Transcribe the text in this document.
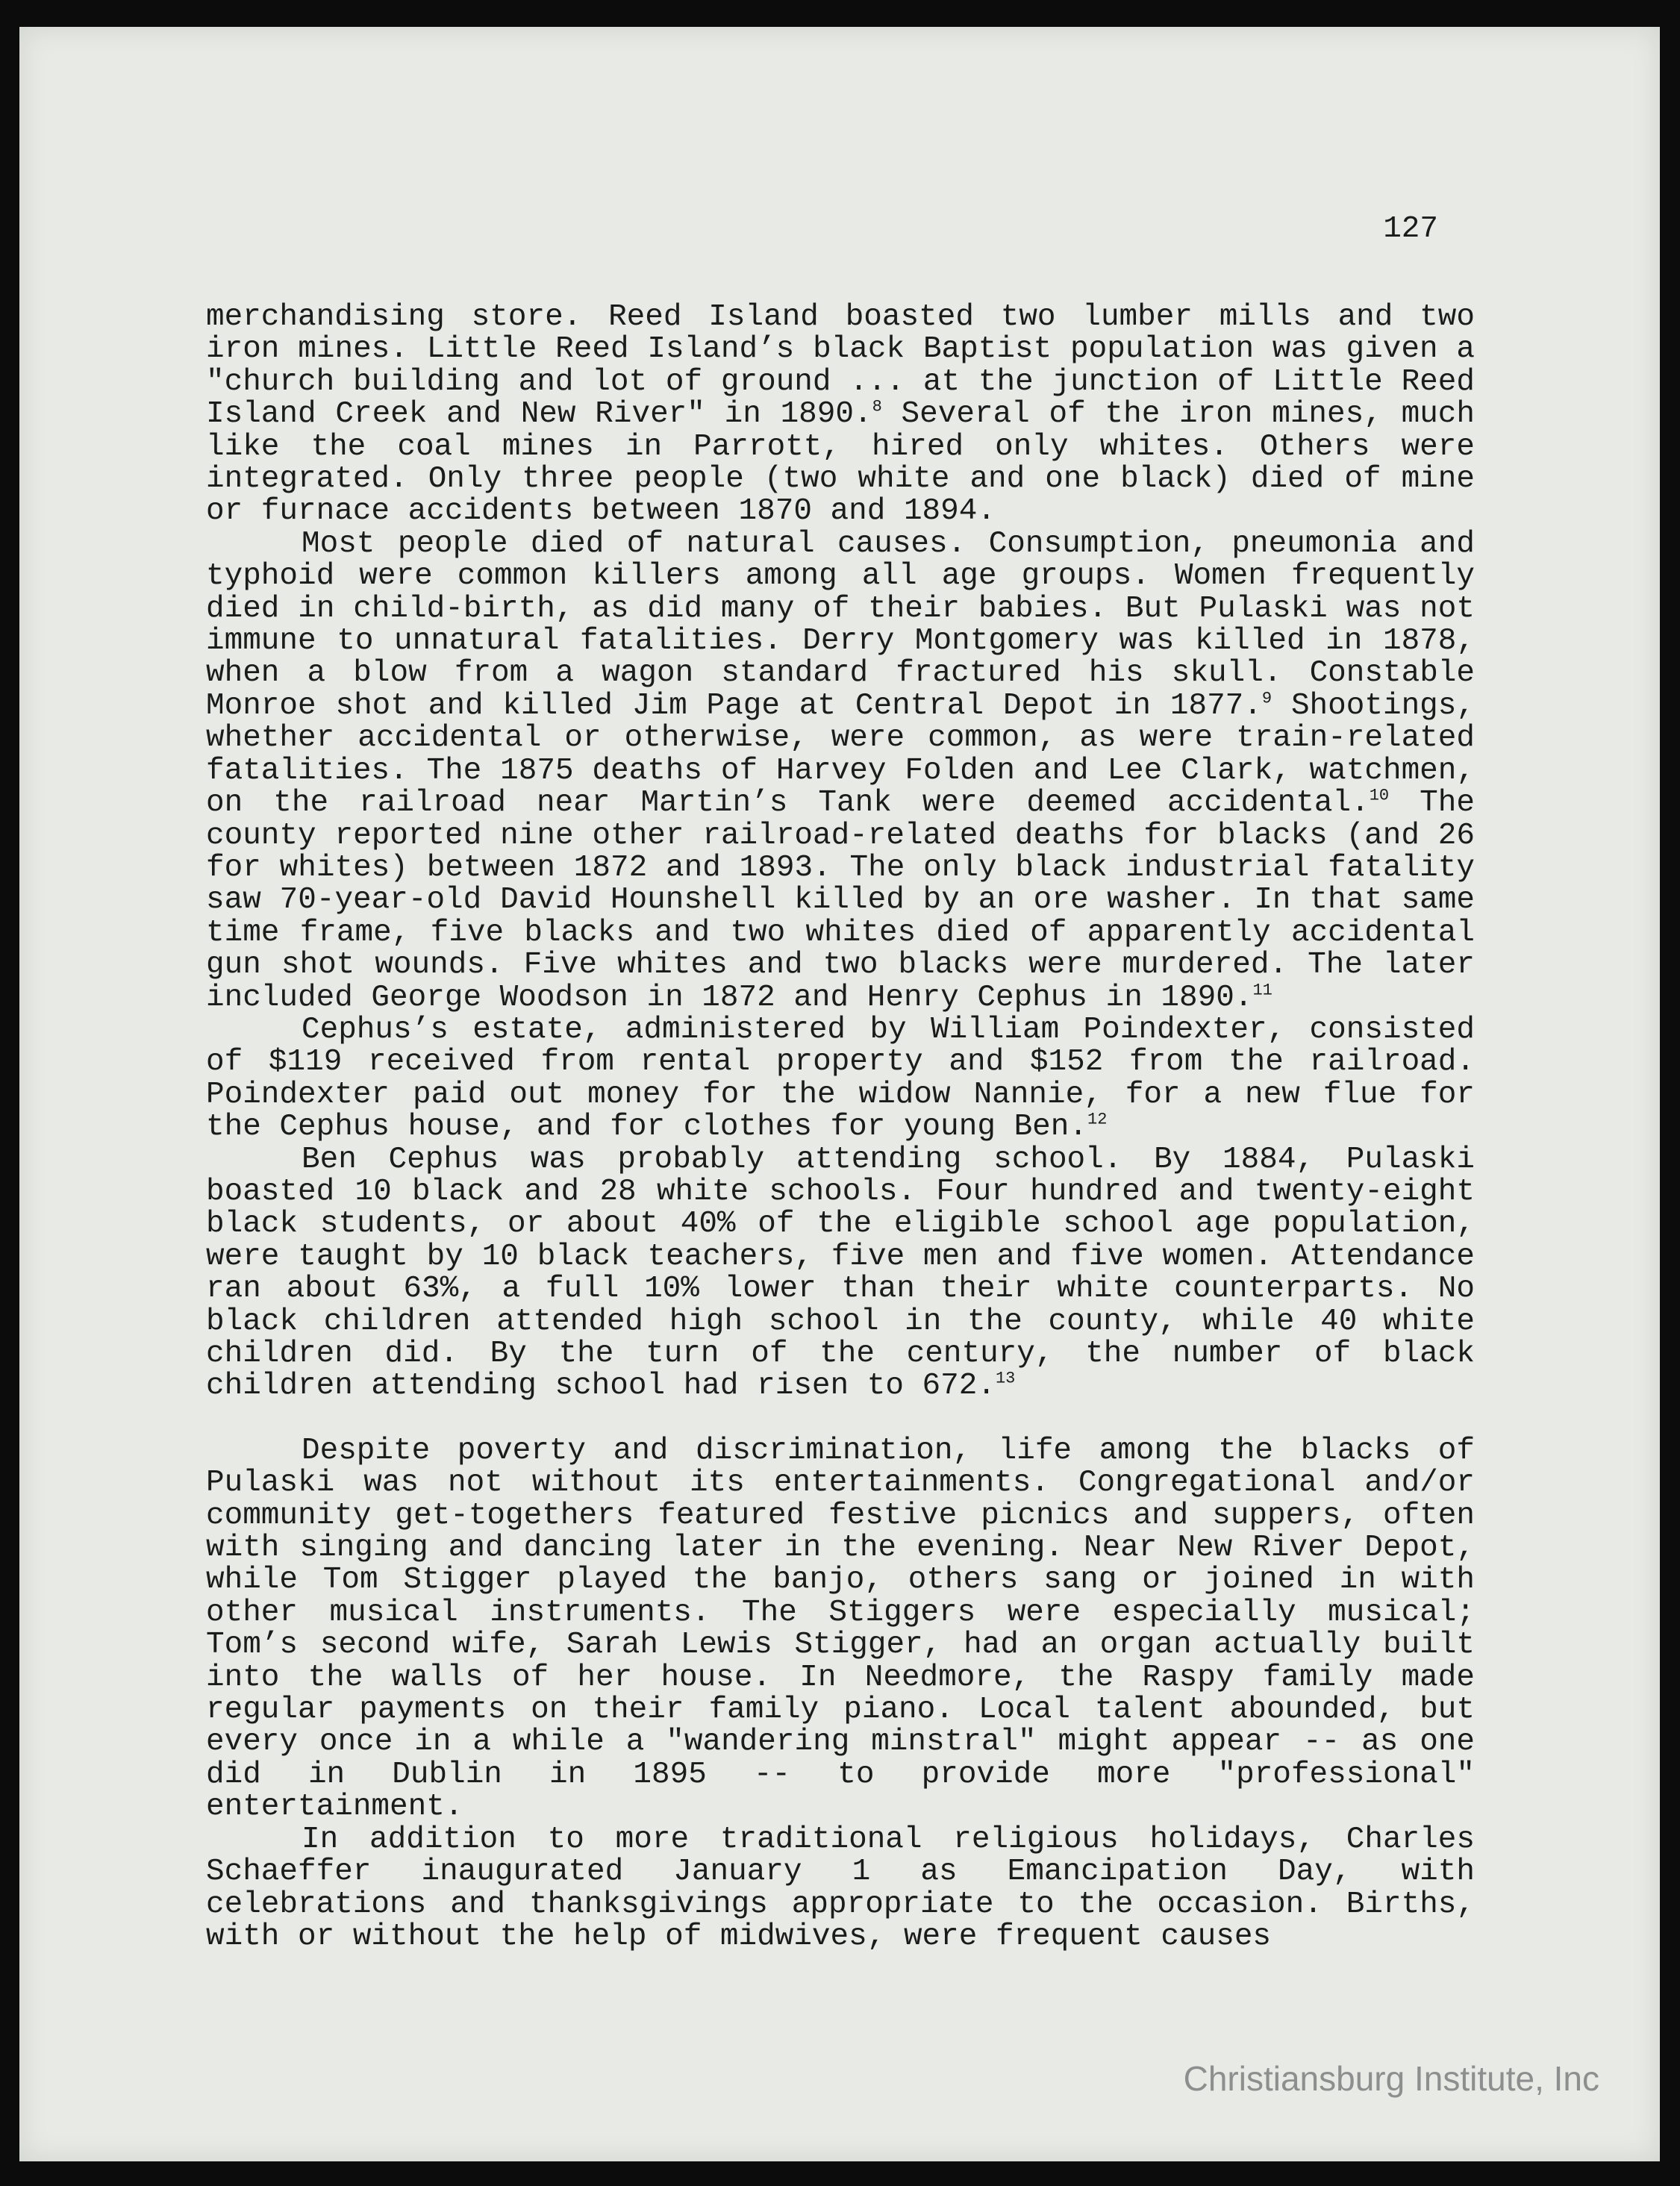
127

merchandising store. Reed Island boasted two lumber mills and two iron mines. Little Reed Island’s black Baptist population was given a "church building and lot of ground ... at the junction of Little Reed Island Creek and New River" in 1890.$^8$ Several of the iron mines, much like the coal mines in Parrott, hired only whites. Others were integrated. Only three people (two white and one black) died of mine or furnace accidents between 1870 and 1894.

Most people died of natural causes. Consumption, pneumonia and typhoid were common killers among all age groups. Women frequently died in child-birth, as did many of their babies. But Pulaski was not immune to unnatural fatalities. Derry Montgomery was killed in 1878, when a blow from a wagon standard fractured his skull. Constable Monroe shot and killed Jim Page at Central Depot in 1877.$^9$ Shootings, whether accidental or otherwise, were common, as were train-related fatalities. The 1875 deaths of Harvey Folden and Lee Clark, watchmen, on the railroad near Martin’s Tank were deemed accidental.$^{10}$ The county reported nine other railroad-related deaths for blacks (and 26 for whites) between 1872 and 1893. The only black industrial fatality saw 70-year-old David Hounshell killed by an ore washer. In that same time frame, five blacks and two whites died of apparently accidental gun shot wounds. Five whites and two blacks were murdered. The later included George Woodson in 1872 and Henry Cephus in 1890.11

Cephus’s estate, administered by William Poindexter, consisted of $119 received from rental property and $152 from the railroad. Poindexter paid out money for the widow Nannie, for a new flue for the Cephus house, and for clothes for young Ben.$^{12}$

Ben Cephus was probably attending school. By 1884, Pulaski boasted 10 black and 28 white schools. Four hundred and twenty-eight black students, or about 40% of the eligible school age population, were taught by 10 black teachers, five men and five women. Attendance ran about 63%, a full 10% lower than their white counterparts. No black children attended high school in the county, while 40 white children did. By the turn of the century, the number of black children attending school had risen to 672.13

Despite poverty and discrimination, life among the blacks of Pulaski was not without its entertainments. Congregational and/or community get-togethers featured festive picnics and suppers, often with singing and dancing later in the evening. Near New River Depot, while Tom Stigger played the banjo, others sang or joined in with other musical instruments. The Stiggers were especially musical; Tom’s second wife, Sarah Lewis Stigger, had an organ actually built into the walls of her house. In Needmore, the Raspy family made regular payments on their family piano. Local talent abounded, but every once in a while a "wandering minstral" might appear -- as one did in Dublin in 1895 -- to provide more "professional" entertainment.

In addition to more traditional religious holidays, Charles Schaeffer inaugurated January 1 as Emancipation Day, with celebrations and thanksgivings appropriate to the occasion. Births, with or without the help of midwives, were frequent causes

Christiansburg Institute, Inc
